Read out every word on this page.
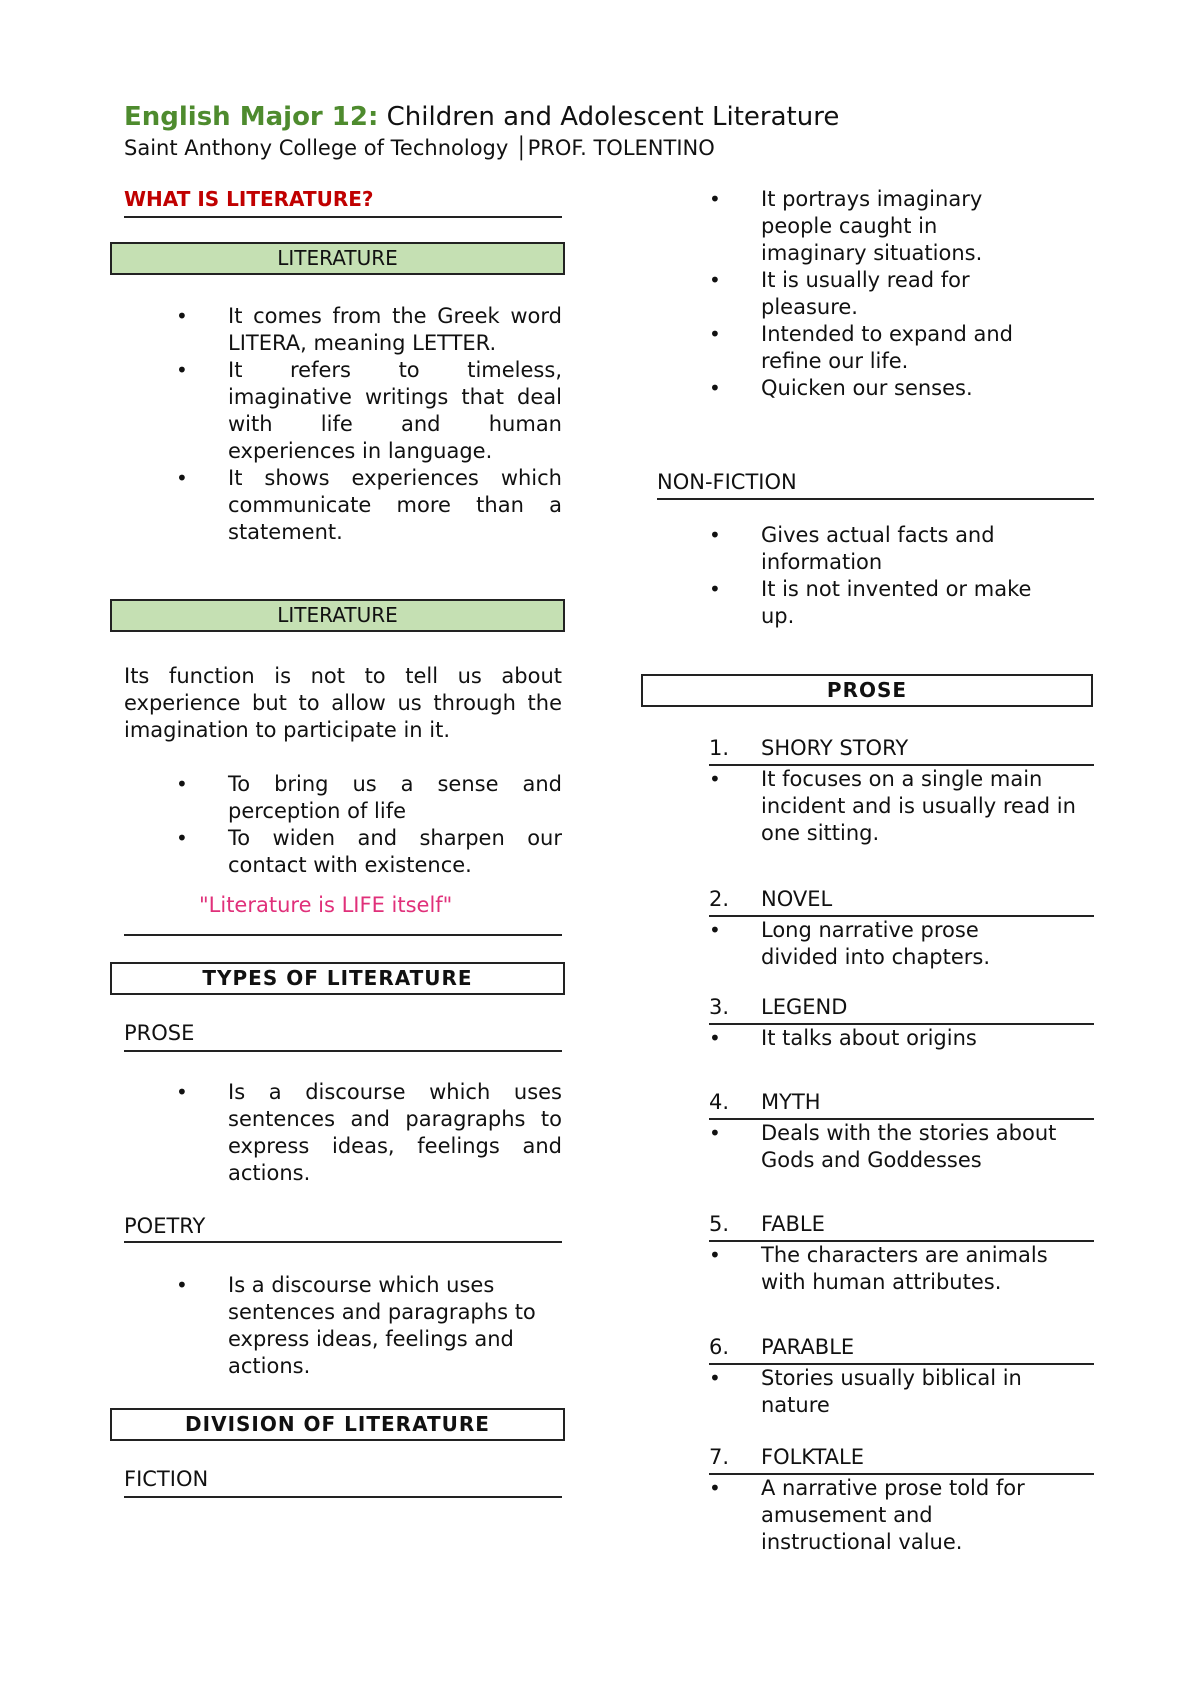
English Major 12: Children and Adolescent Literature
Saint Anthony College of Technology │PROF. TOLENTINO
WHAT IS LITERATURE?
LITERATURE
• It comes from the Greek word LITERA, meaning LETTER.
• It refers to timeless, imaginative writings that deal with life and human experiences in language.
• It shows experiences which communicate more than a statement.
LITERATURE
Its function is not to tell us about experience but to allow us through the imagination to participate in it.
• To bring us a sense and perception of life
• To widen and sharpen our contact with existence.
"Literature is LIFE itself"
TYPES OF LITERATURE
PROSE
• Is a discourse which uses sentences and paragraphs to express ideas, feelings and actions.
POETRY
• Is a discourse which uses sentences and paragraphs to express ideas, feelings and actions.
DIVISION OF LITERATURE
FICTION
• It portrays imaginary people caught in imaginary situations.
• It is usually read for pleasure.
• Intended to expand and refine our life.
• Quicken our senses.
NON-FICTION
• Gives actual facts and information
• It is not invented or make up.
PROSE
1. SHORY STORY
• It focuses on a single main incident and is usually read in one sitting.
2. NOVEL
• Long narrative prose divided into chapters.
3. LEGEND
• It talks about origins
4. MYTH
• Deals with the stories about Gods and Goddesses
5. FABLE
• The characters are animals with human attributes.
6. PARABLE
• Stories usually biblical in nature
7. FOLKTALE
• A narrative prose told for amusement and instructional value.
